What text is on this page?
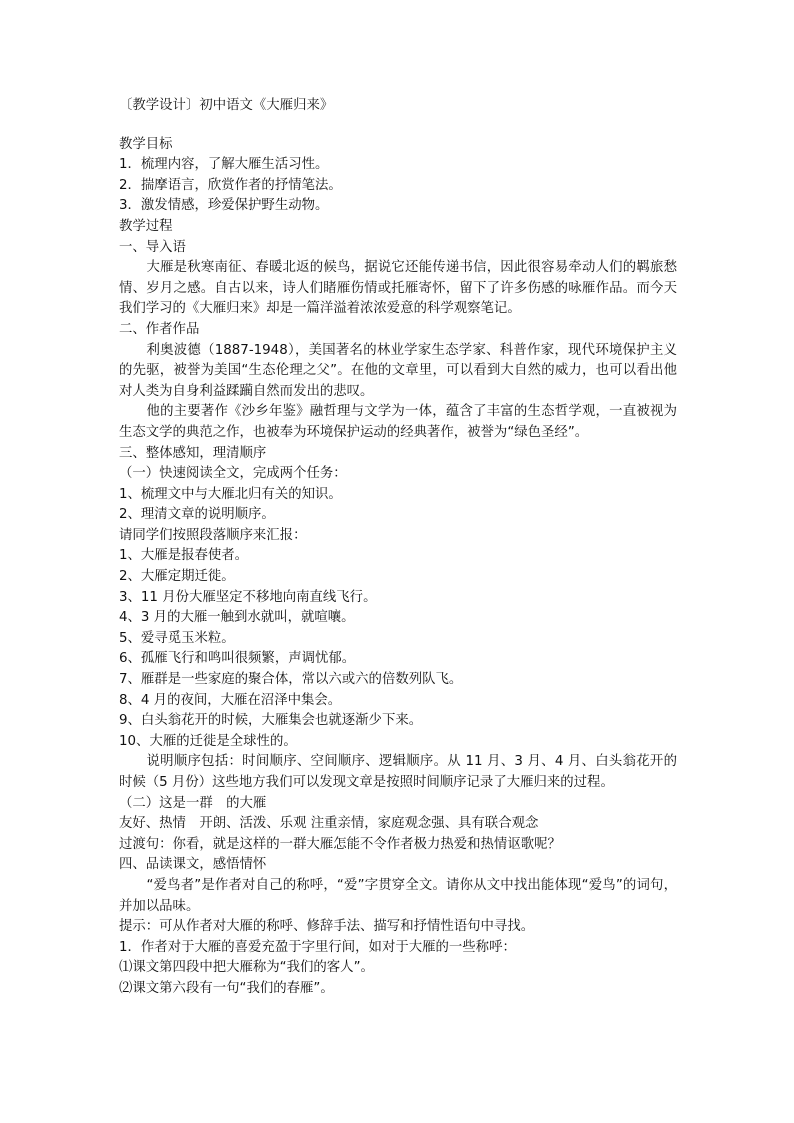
〔教学设计〕初中语文《大雁归来》
教学目标
1．梳理内容，了解大雁生活习性。
2．揣摩语言，欣赏作者的抒情笔法。
3．激发情感，珍爱保护野生动物。
教学过程
一、导入语
大雁是秋寒南征、春暖北返的候鸟，据说它还能传递书信，因此很容易牵动人们的羁旅愁情、岁月之感。自古以来，诗人们睹雁伤情或托雁寄怀，留下了许多伤感的咏雁作品。而今天我们学习的《大雁归来》却是一篇洋溢着浓浓爱意的科学观察笔记。
二、作者作品
利奥波德（1887-1948），美国著名的林业学家生态学家、科普作家，现代环境保护主义的先驱，被誉为美国“生态伦理之父”。在他的文章里，可以看到大自然的威力，也可以看出他对人类为自身利益蹂躏自然而发出的悲叹。
他的主要著作《沙乡年鉴》融哲理与文学为一体，蕴含了丰富的生态哲学观，一直被视为生态文学的典范之作，也被奉为环境保护运动的经典著作，被誉为“绿色圣经”。
三、整体感知，理清顺序
（一）快速阅读全文，完成两个任务：
1、梳理文中与大雁北归有关的知识。
2、理清文章的说明顺序。
请同学们按照段落顺序来汇报：
1、大雁是报春使者。
2、大雁定期迁徙。
3、11 月份大雁坚定不移地向南直线飞行。
4、3 月的大雁一触到水就叫，就喧嚷。
5、爱寻觅玉米粒。
6、孤雁飞行和鸣叫很频繁，声调忧郁。
7、雁群是一些家庭的聚合体，常以六或六的倍数列队飞。
8、4 月的夜间，大雁在沼泽中集会。
9、白头翁花开的时候，大雁集会也就逐渐少下来。
10、大雁的迁徙是全球性的。
说明顺序包括：时间顺序、空间顺序、逻辑顺序。从 11 月、3 月、4 月、白头翁花开的时候（5 月份）这些地方我们可以发现文章是按照时间顺序记录了大雁归来的过程。
（二）这是一群　的大雁
友好、热情　开朗、活泼、乐观 注重亲情，家庭观念强、具有联合观念
过渡句：你看，就是这样的一群大雁怎能不令作者极力热爱和热情讴歌呢？
四、品读课文，感悟情怀
“爱鸟者”是作者对自己的称呼，“爱”字贯穿全文。请你从文中找出能体现“爱鸟”的词句，并加以品味。
提示：可从作者对大雁的称呼、修辞手法、描写和抒情性语句中寻找。
1．作者对于大雁的喜爱充盈于字里行间，如对于大雁的一些称呼：
⑴课文第四段中把大雁称为“我们的客人”。
⑵课文第六段有一句“我们的春雁”。
